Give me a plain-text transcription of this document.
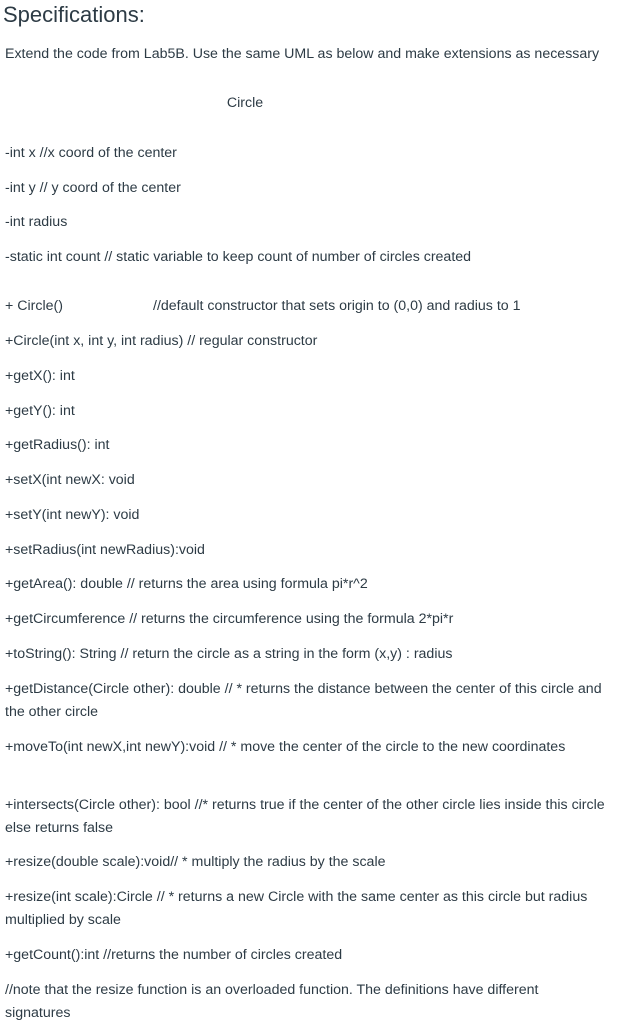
Specifications:
Extend the code from Lab5B. Use the same UML as below and make extensions as necessary
Circle
-int x //x coord of the center
-int y // y coord of the center
-int radius
-static int count // static variable to keep count of number of circles created
+ Circle()	//default constructor that sets origin to (0,0) and radius to 1
+Circle(int x, int y, int radius) // regular constructor
+getX(): int
+getY(): int
+getRadius(): int
+setX(int newX: void
+setY(int newY): void
+setRadius(int newRadius):void
+getArea(): double // returns the area using formula pi*r^2
+getCircumference // returns the circumference using the formula 2*pi*r
+toString(): String // return the circle as a string in the form (x,y) : radius
+getDistance(Circle other): double // * returns the distance between the center of this circle and the other circle
+moveTo(int newX,int newY):void // * move the center of the circle to the new coordinates
+intersects(Circle other): bool //* returns true if the center of the other circle lies inside this circle else returns false
+resize(double scale):void// * multiply the radius by the scale
+resize(int scale):Circle // * returns a new Circle with the same center as this circle but radius multiplied by scale
+getCount():int //returns the number of circles created
//note that the resize function is an overloaded function. The definitions have different signatures
